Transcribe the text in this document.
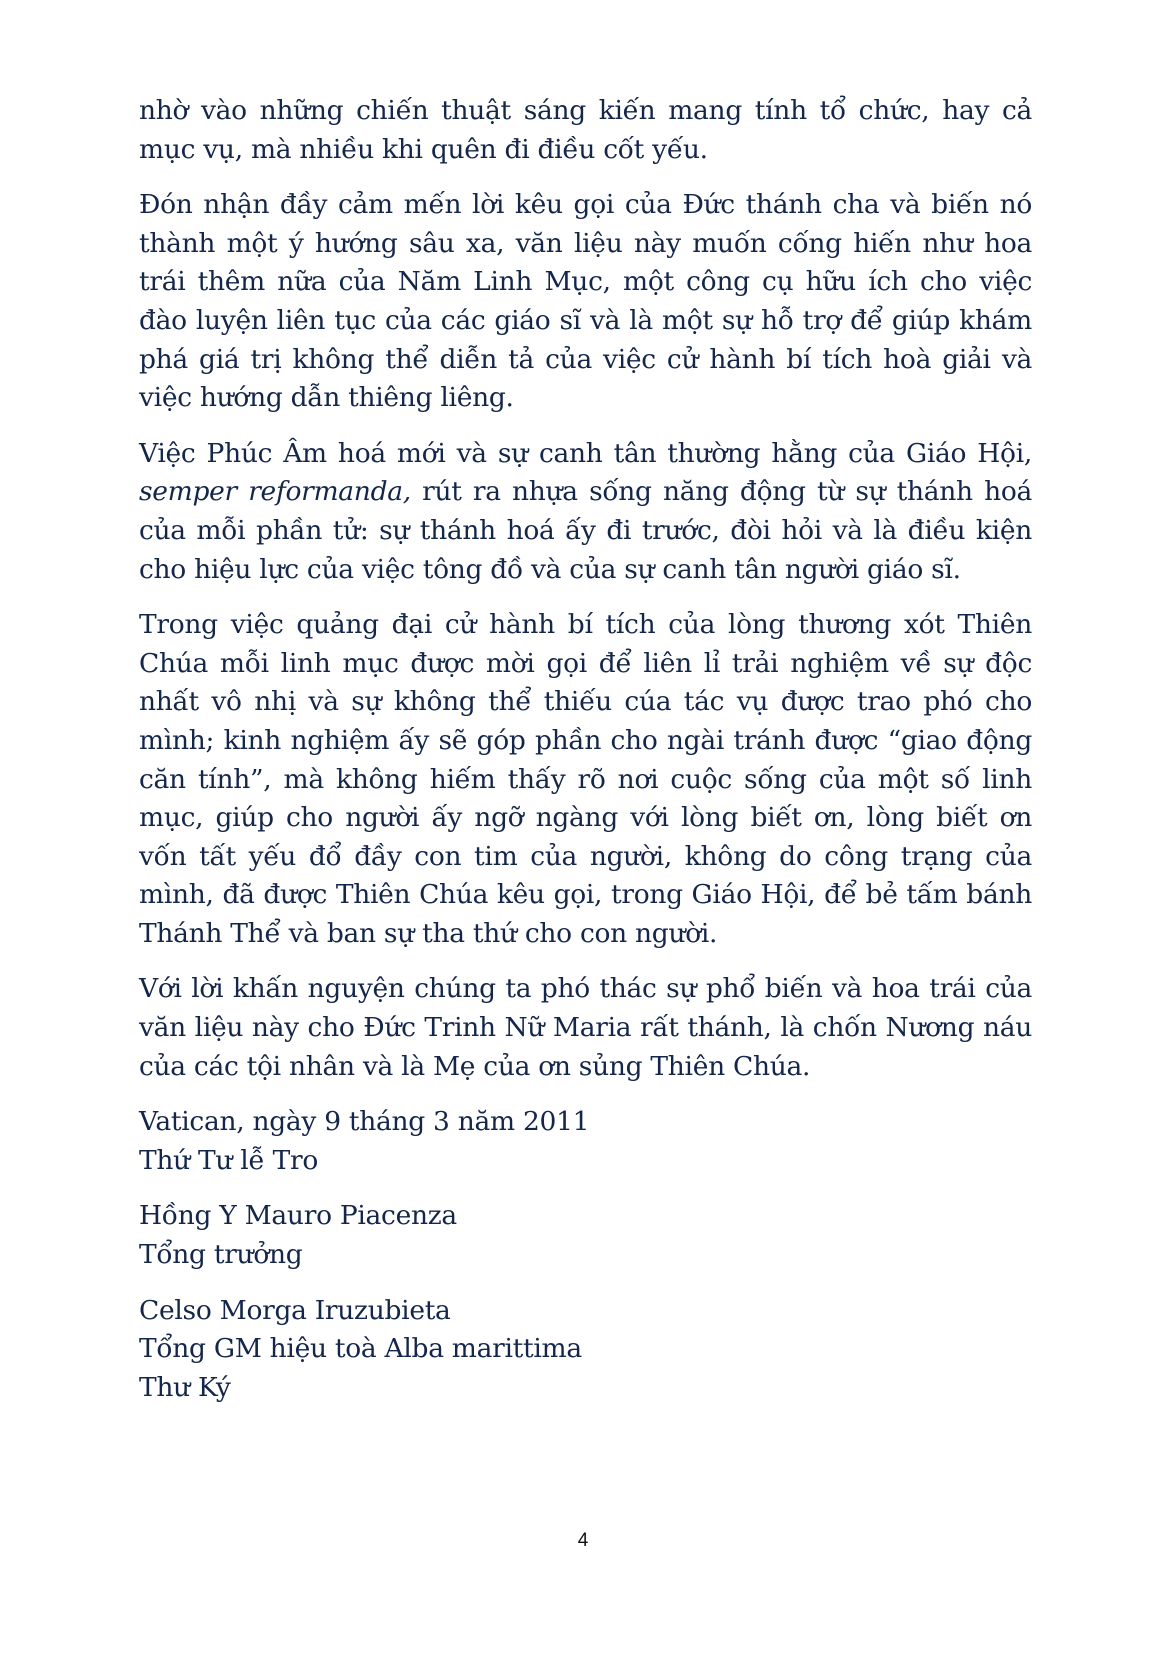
nhờ vào những chiến thuật sáng kiến mang tính tổ chức, hay cả mục vụ, mà nhiều khi quên đi điều cốt yếu.

Đón nhận đầy cảm mến lời kêu gọi của Đức thánh cha và biến nó thành một ý hướng sâu xa, văn liệu này muốn cống hiến như hoa trái thêm nữa của Năm Linh Mục, một công cụ hữu ích cho việc đào luyện liên tục của các giáo sĩ và là một sự hỗ trợ để giúp khám phá giá trị không thể diễn tả của việc cử hành bí tích hoà giải và việc hướng dẫn thiêng liêng.

Việc Phúc Âm hoá mới và sự canh tân thường hằng của Giáo Hội, semper reformanda, rút ra nhựa sống năng động từ sự thánh hoá của mỗi phần tử: sự thánh hoá ấy đi trước, đòi hỏi và là điều kiện cho hiệu lực của việc tông đồ và của sự canh tân người giáo sĩ.

Trong việc quảng đại cử hành bí tích của lòng thương xót Thiên Chúa mỗi linh mục được mời gọi để liên lỉ trải nghiệm về sự độc nhất vô nhị và sự không thể thiếu cúa tác vụ được trao phó cho mình; kinh nghiệm ấy sẽ góp phần cho ngài tránh được “giao động căn tính”, mà không hiếm thấy rõ nơi cuộc sống của một số linh mục, giúp cho người ấy ngỡ ngàng với lòng biết ơn, lòng biết ơn vốn tất yếu đổ đầy con tim của người, không do công trạng của mình, đã được Thiên Chúa kêu gọi, trong Giáo Hội, để bẻ tấm bánh Thánh Thể và ban sự tha thứ cho con người.

Với lời khấn nguyện chúng ta phó thác sự phổ biến và hoa trái của văn liệu này cho Đức Trinh Nữ Maria rất thánh, là chốn Nương náu của các tội nhân và là Mẹ của ơn sủng Thiên Chúa.

Vatican, ngày 9 tháng 3 năm 2011
Thứ Tư lễ Tro
Hồng Y Mauro Piacenza
Tổng trưởng
Celso Morga Iruzubieta
Tổng GM hiệu toà Alba marittima
Thư Ký
4
